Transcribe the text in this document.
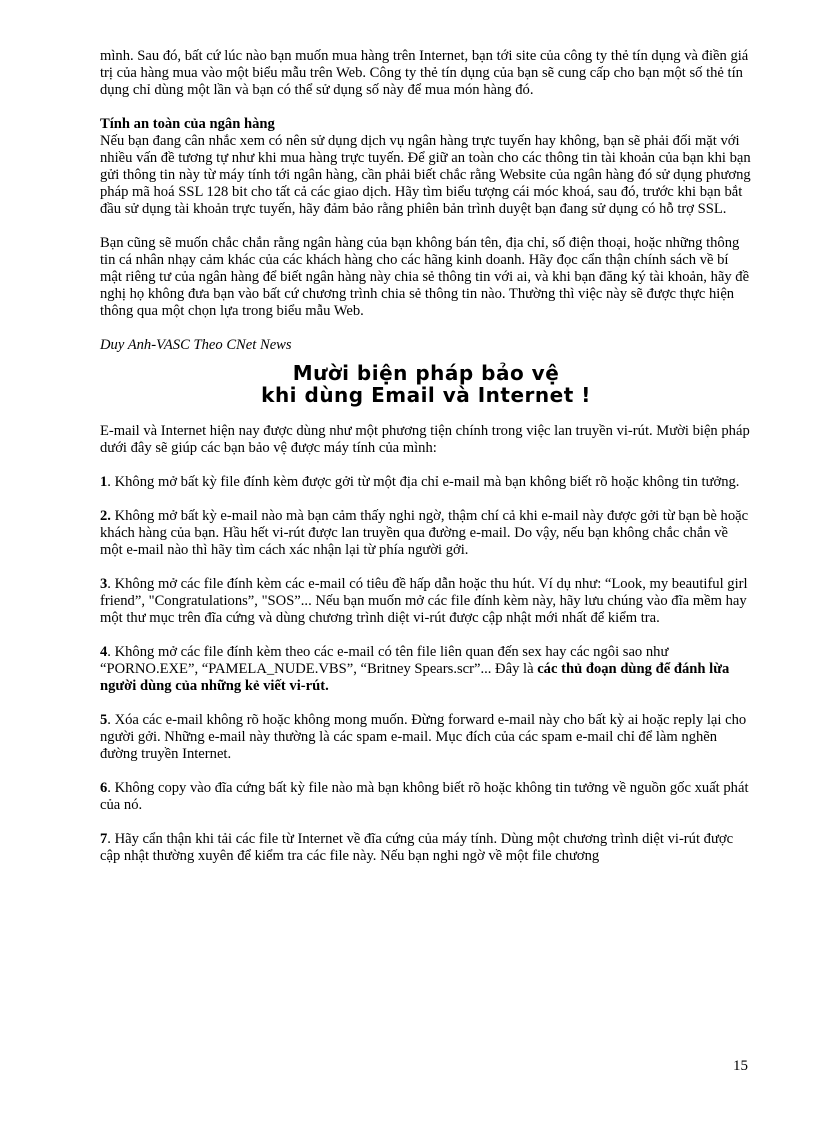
mình. Sau đó, bất cứ lúc nào bạn muốn mua hàng trên Internet, bạn tới site của công ty thẻ tín dụng và điền giá trị của hàng mua vào một biểu mẫu trên Web. Công ty thẻ tín dụng của bạn sẽ cung cấp cho bạn một số thẻ tín dụng chỉ dùng một lần và bạn có thể sử dụng số này để mua món hàng đó.

Tính an toàn của ngân hàng

Nếu bạn đang cân nhắc xem có nên sử dụng dịch vụ ngân hàng trực tuyến hay không, bạn sẽ phải đối mặt với nhiều vấn đề tương tự như khi mua hàng trực tuyến. Để giữ an toàn cho các thông tin tài khoản của bạn khi bạn gửi thông tin này từ máy tính tới ngân hàng, cần phải biết chắc rằng Website của ngân hàng đó sử dụng phương pháp mã hoá SSL 128 bit cho tất cả các giao dịch. Hãy tìm biểu tượng cái móc khoá, sau đó, trước khi bạn bắt đầu sử dụng tài khoản trực tuyến, hãy đảm bảo rằng phiên bản trình duyệt bạn đang sử dụng có hỗ trợ SSL.

Bạn cũng sẽ muốn chắc chắn rằng ngân hàng của bạn không bán tên, địa chỉ, số điện thoại, hoặc những thông tin cá nhân nhạy cảm khác của các khách hàng cho các hãng kinh doanh. Hãy đọc cẩn thận chính sách về bí mật riêng tư của ngân hàng để biết ngân hàng này chia sẻ thông tin với ai, và khi bạn đăng ký tài khoản, hãy đề nghị họ không đưa bạn vào bất cứ chương trình chia sẻ thông tin nào. Thường thì việc này sẽ được thực hiện thông qua một chọn lựa trong biểu mẫu Web.

Duy Anh-VASC Theo CNet News

Mười biện pháp bảo vệ
khi dùng Email và Internet !

E-mail và Internet hiện nay được dùng như một phương tiện chính trong việc lan truyền vi-rút. Mười biện pháp dưới đây sẽ giúp các bạn bảo vệ được máy tính của mình:

1. Không mở bất kỳ file đính kèm được gởi từ một địa chỉ e-mail mà bạn không biết rõ hoặc không tin tưởng.

2. Không mở bất kỳ e-mail nào mà bạn cảm thấy nghi ngờ, thậm chí cả khi e-mail này được gởi từ bạn bè hoặc khách hàng của bạn. Hầu hết vi-rút được lan truyền qua đường e-mail. Do vậy, nếu bạn không chắc chắn về một e-mail nào thì hãy tìm cách xác nhận lại từ phía người gởi.

3. Không mở các file đính kèm các e-mail có tiêu đề hấp dẫn hoặc thu hút. Ví dụ như: “Look, my beautiful girl friend”, "Congratulations”, "SOS”... Nếu bạn muốn mở các file đính kèm này, hãy lưu chúng vào đĩa mềm hay một thư mục trên đĩa cứng và dùng chương trình diệt vi-rút được cập nhật mới nhất để kiểm tra.

4. Không mở các file đính kèm theo các e-mail có tên file liên quan đến sex hay các ngôi sao như “PORNO.EXE”, “PAMELA_NUDE.VBS”, “Britney Spears.scr”... Đây là các thủ đoạn dùng để đánh lừa người dùng của những kẻ viết vi-rút.

5. Xóa các e-mail không rõ hoặc không mong muốn. Đừng forward e-mail này cho bất kỳ ai hoặc reply lại cho người gởi. Những e-mail này thường là các spam e-mail. Mục đích của các spam e-mail chỉ để làm nghẽn đường truyền Internet.

6. Không copy vào đĩa cứng bất kỳ file nào mà bạn không biết rõ hoặc không tin tưởng về nguồn gốc xuất phát của nó.

7. Hãy cẩn thận khi tải các file từ Internet về đĩa cứng của máy tính. Dùng một chương trình diệt vi-rút được cập nhật thường xuyên để kiểm tra các file này. Nếu bạn nghi ngờ về một file chương

15
